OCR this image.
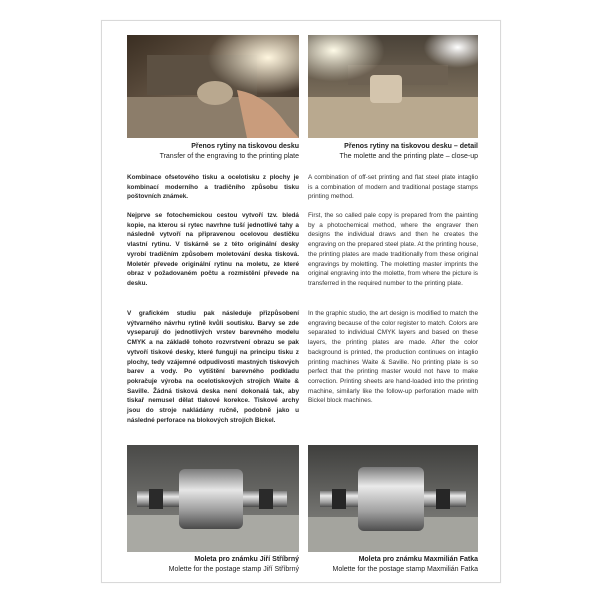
Přenos rytiny na tiskovou desku
Transfer of the engraving to the printing plate
Přenos rytiny na tiskovou desku – detail
The molette and the printing plate – close-up

Kombinace ofsetového tisku a ocelotisku z plochy je kombinací moderního a tradičního způsobu tisku poštovních známek.

Nejprve se fotochemickou cestou vytvoří tzv. bledá kopie, na kterou si rytec navrhne tuší jednotlivé tahy a následně vytvoří na připravenou ocelovou destičku vlastní rytinu. V tiskárně se z této originální desky vyrobí tradičním způsobem moletování deska tisková. Moletér převede originální rytinu na moletu, ze které obraz v požadovaném počtu a rozmístění převede na desku.

V grafickém studiu pak následuje přizpůsobení výtvarného návrhu rytině kvůli soutisku. Barvy se zde vyseparují do jednotlivých vrstev barevného modelu CMYK a na základě tohoto rozvrstvení obrazu se pak vytvoří tiskové desky, které fungují na principu tisku z plochy, tedy vzájemné odpudivosti mastných tiskových barev a vody. Po vytištění barevného podkladu pokračuje výroba na ocelotiskových strojích Waite & Saville. Žádná tisková deska není dokonalá tak, aby tiskař nemusel dělat tlakové korekce. Tiskové archy jsou do stroje nakládány ručně, podobně jako u následné perforace na blokových strojích Bickel.

A combination of off-set printing and flat steel plate intaglio is a combination of modern and traditional postage stamps printing method.

First, the so called pale copy is prepared from the painting by a photochemical method, where the engraver then designs the individual draws and then he creates the engraving on the prepared steel plate. At the printing house, the printing plates are made traditionally from these original engravings by moletting. The moletting master imprints the original engraving into the molette, from where the picture is transferred in the required number to the printing plate.

In the graphic studio, the art design is modified to match the engraving because of the color register to match. Colors are separated to individual CMYK layers and based on these layers, the printing plates are made. After the color background is printed, the production continues on intaglio printing machines Waite & Saville. No printing plate is so perfect that the printing master would not have to make correction. Printing sheets are hand-loaded into the printing machine, similarly like the follow-up perforation made with Bickel block machines.

Moleta pro známku Jiří Stříbrný
Molette for the postage stamp Jiří Stříbrný
Moleta pro známku Maxmilián Fatka
Molette for the postage stamp Maxmilián Fatka
